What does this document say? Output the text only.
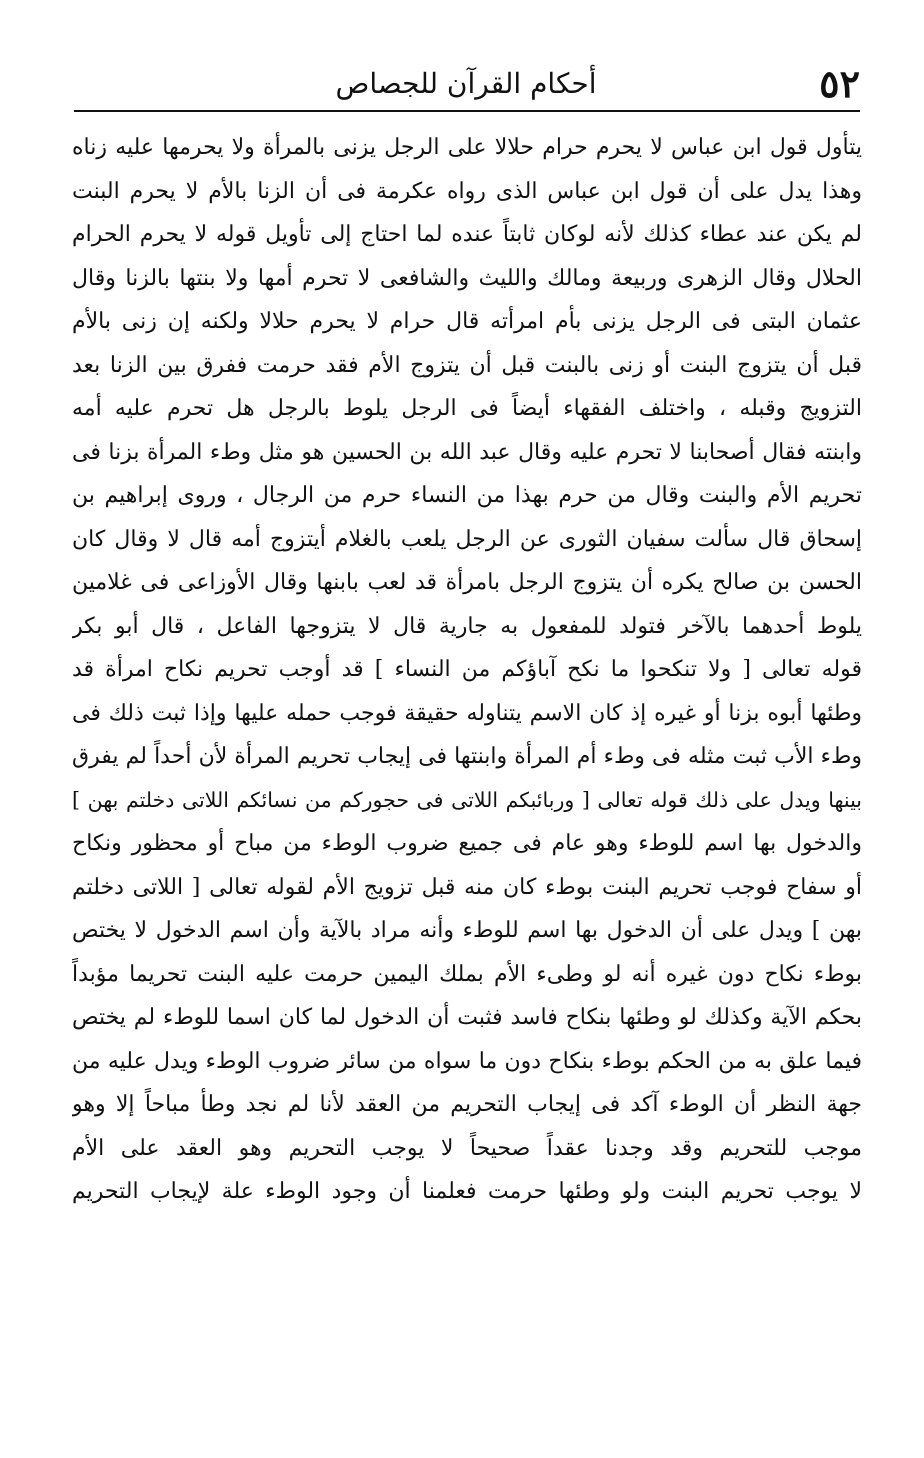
أحكام القرآن للجصاص	٥٢
يتأول قول ابن عباس لا يحرم حرام حلالا على الرجل يزنى بالمرأة ولا يحرمها عليه زناه
وهذا يدل على أن قول ابن عباس الذى رواه عكرمة فى أن الزنا بالأم لا يحرم البنت
لم يكن عند عطاء كذلك لأنه لوكان ثابتاً عنده لما احتاج إلى تأويل قوله لا يحرم الحرام
الحلال وقال الزهرى وربيعة ومالك والليث والشافعى لا تحرم أمها ولا بنتها بالزنا وقال
عثمان البتى فى الرجل يزنى بأم امرأته قال حرام لا يحرم حلالا ولكنه إن زنى بالأم
قبل أن يتزوج البنت أو زنى بالبنت قبل أن يتزوج الأم فقد حرمت ففرق بين الزنا بعد
التزويج وقبله ، واختلف الفقهاء أيضاً فى الرجل يلوط بالرجل هل تحرم عليه أمه
وابنته فقال أصحابنا لا تحرم عليه وقال عبد الله بن الحسين هو مثل وطء المرأة بزنا فى
تحريم الأم والبنت وقال من حرم بهذا من النساء حرم من الرجال ، وروى إبراهيم بن
إسحاق قال سألت سفيان الثورى عن الرجل يلعب بالغلام أيتزوج أمه قال لا وقال كان
الحسن بن صالح يكره أن يتزوج الرجل بامرأة قد لعب بابنها وقال الأوزاعى فى غلامين
يلوط أحدهما بالآخر فتولد للمفعول به جارية قال لا يتزوجها الفاعل ، قال أبو بكر
قوله تعالى [ ولا تنكحوا ما نكح آباؤكم من النساء ] قد أوجب تحريم نكاح امرأة قد
وطئها أبوه بزنا أو غيره إذ كان الاسم يتناوله حقيقة فوجب حمله عليها وإذا ثبت ذلك فى
وطء الأب ثبت مثله فى وطء أم المرأة وابنتها فى إيجاب تحريم المرأة لأن أحداً لم يفرق
بينها ويدل على ذلك قوله تعالى [ وربائبكم اللاتى فى حجوركم من نسائكم اللاتى دخلتم بهن ]
والدخول بها اسم للوطء وهو عام فى جميع ضروب الوطء من مباح أو محظور ونكاح
أو سفاح فوجب تحريم البنت بوطء كان منه قبل تزويج الأم لقوله تعالى [ اللاتى دخلتم
بهن ] ويدل على أن الدخول بها اسم للوطء وأنه مراد بالآية وأن اسم الدخول لا يختص
بوطء نكاح دون غيره أنه لو وطىء الأم بملك اليمين حرمت عليه البنت تحريما مؤبداً
بحكم الآية وكذلك لو وطئها بنكاح فاسد فثبت أن الدخول لما كان اسما للوطء لم يختص
فيما علق به من الحكم بوطء بنكاح دون ما سواه من سائر ضروب الوطء ويدل عليه من
جهة النظر أن الوطء آكد فى إيجاب التحريم من العقد لأنا لم نجد وطأ مباحاً إلا وهو
موجب للتحريم وقد وجدنا عقداً صحيحاً لا يوجب التحريم وهو العقد على الأم
لا يوجب تحريم البنت ولو وطئها حرمت فعلمنا أن وجود الوطء علة لإيجاب التحريم
